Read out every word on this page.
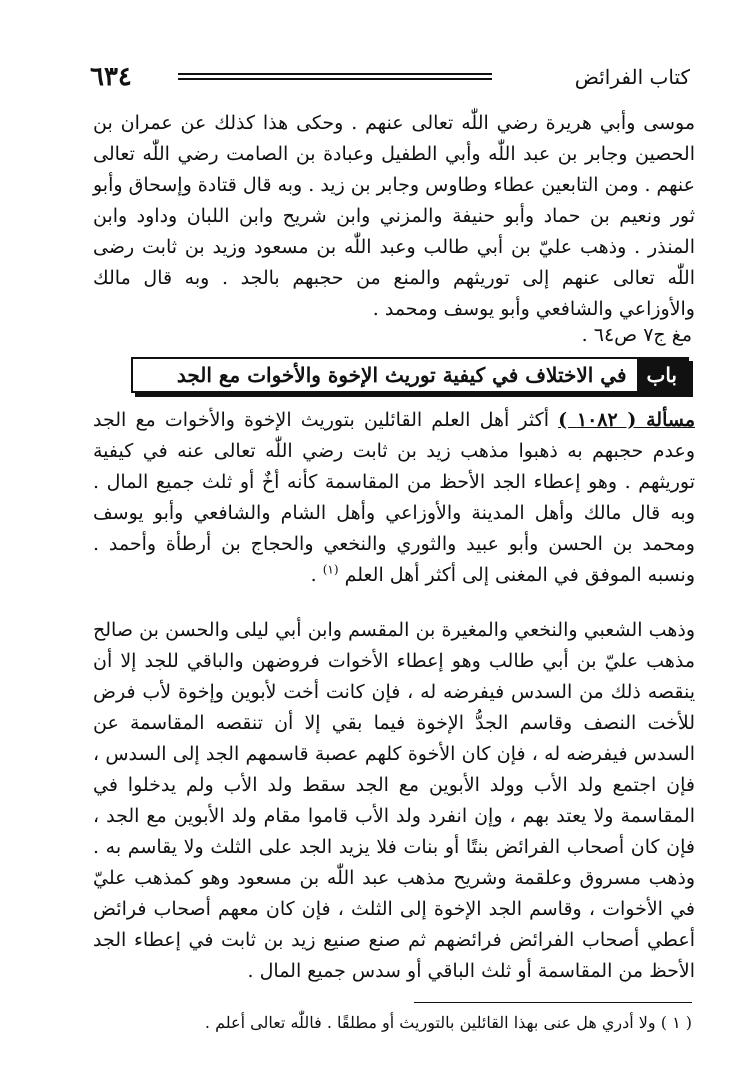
٦٣٤	كتاب الفرائض

موسى وأبي هريرة رضي اللّٰه تعالى عنهم . وحكى هذا كذلك عن عمران بن الحصين وجابر بن عبد اللّٰه وأبي الطفيل وعبادة بن الصامت رضي اللّٰه تعالى عنهم . ومن التابعين عطاء وطاوس وجابر بن زيد . وبه قال قتادة وإسحاق وأبو ثور ونعيم بن حماد وأبو حنيفة والمزني وابن شريح وابن اللبان وداود وابن المنذر . وذهب عليّ بن أبي طالب وعبد اللّٰه بن مسعود وزيد بن ثابت رضى اللّٰه تعالى عنهم إلى توريثهم والمنع من حجبهم بالجد . وبه قال مالك والأوزاعي والشافعي وأبو يوسف ومحمد .

مغ ج٧ ص٦٤ .
باب
في الاختلاف في كيفية توريث الإخوة والأخوات مع الجد

مسألة ( ١٠٨٢ ) أكثر أهل العلم القائلين بتوريث الإخوة والأخوات مع الجد وعدم حجبهم به ذهبوا مذهب زيد بن ثابت رضي اللّٰه تعالى عنه في كيفية توريثهم . وهو إعطاء الجد الأحظ من المقاسمة كأنه أخٌ أو ثلث جميع المال . وبه قال مالك وأهل المدينة والأوزاعي وأهل الشام والشافعي وأبو يوسف ومحمد بن الحسن وأبو عبيد والثوري والنخعي والحجاج بن أرطأة وأحمد . ونسبه الموفق في المغنى إلى أكثر أهل العلم $^{(١)}$ .

وذهب الشعبي والنخعي والمغيرة بن المقسم وابن أبي ليلى والحسن بن صالح مذهب عليّ بن أبي طالب وهو إعطاء الأخوات فروضهن والباقي للجد إلا أن ينقصه ذلك من السدس فيفرضه له ، فإن كانت أخت لأبوين وإخوة لأب فرض للأخت النصف وقاسم الجدُّ الإخوة فيما بقي إلا أن تنقصه المقاسمة عن السدس فيفرضه له ، فإن كان الأخوة كلهم عصبة قاسمهم الجد إلى السدس ، فإن اجتمع ولد الأب وولد الأبوين مع الجد سقط ولد الأب ولم يدخلوا في المقاسمة ولا يعتد بهم ، وإن انفرد ولد الأب قاموا مقام ولد الأبوين مع الجد ، فإن كان أصحاب الفرائض بنتًا أو بنات فلا يزيد الجد على الثلث ولا يقاسم به . وذهب مسروق وعلقمة وشريح مذهب عبد اللّٰه بن مسعود وهو كمذهب عليّ في الأخوات ، وقاسم الجد الإخوة إلى الثلث ، فإن كان معهم أصحاب فرائض أعطي أصحاب الفرائض فرائضهم ثم صنع صنيع زيد بن ثابت في إعطاء الجد الأحظ من المقاسمة أو ثلث الباقي أو سدس جميع المال .

( ١ ) ولا أدري هل عنى بهذا القائلين بالتوريث أو مطلقًا . فاللّٰه تعالى أعلم .
